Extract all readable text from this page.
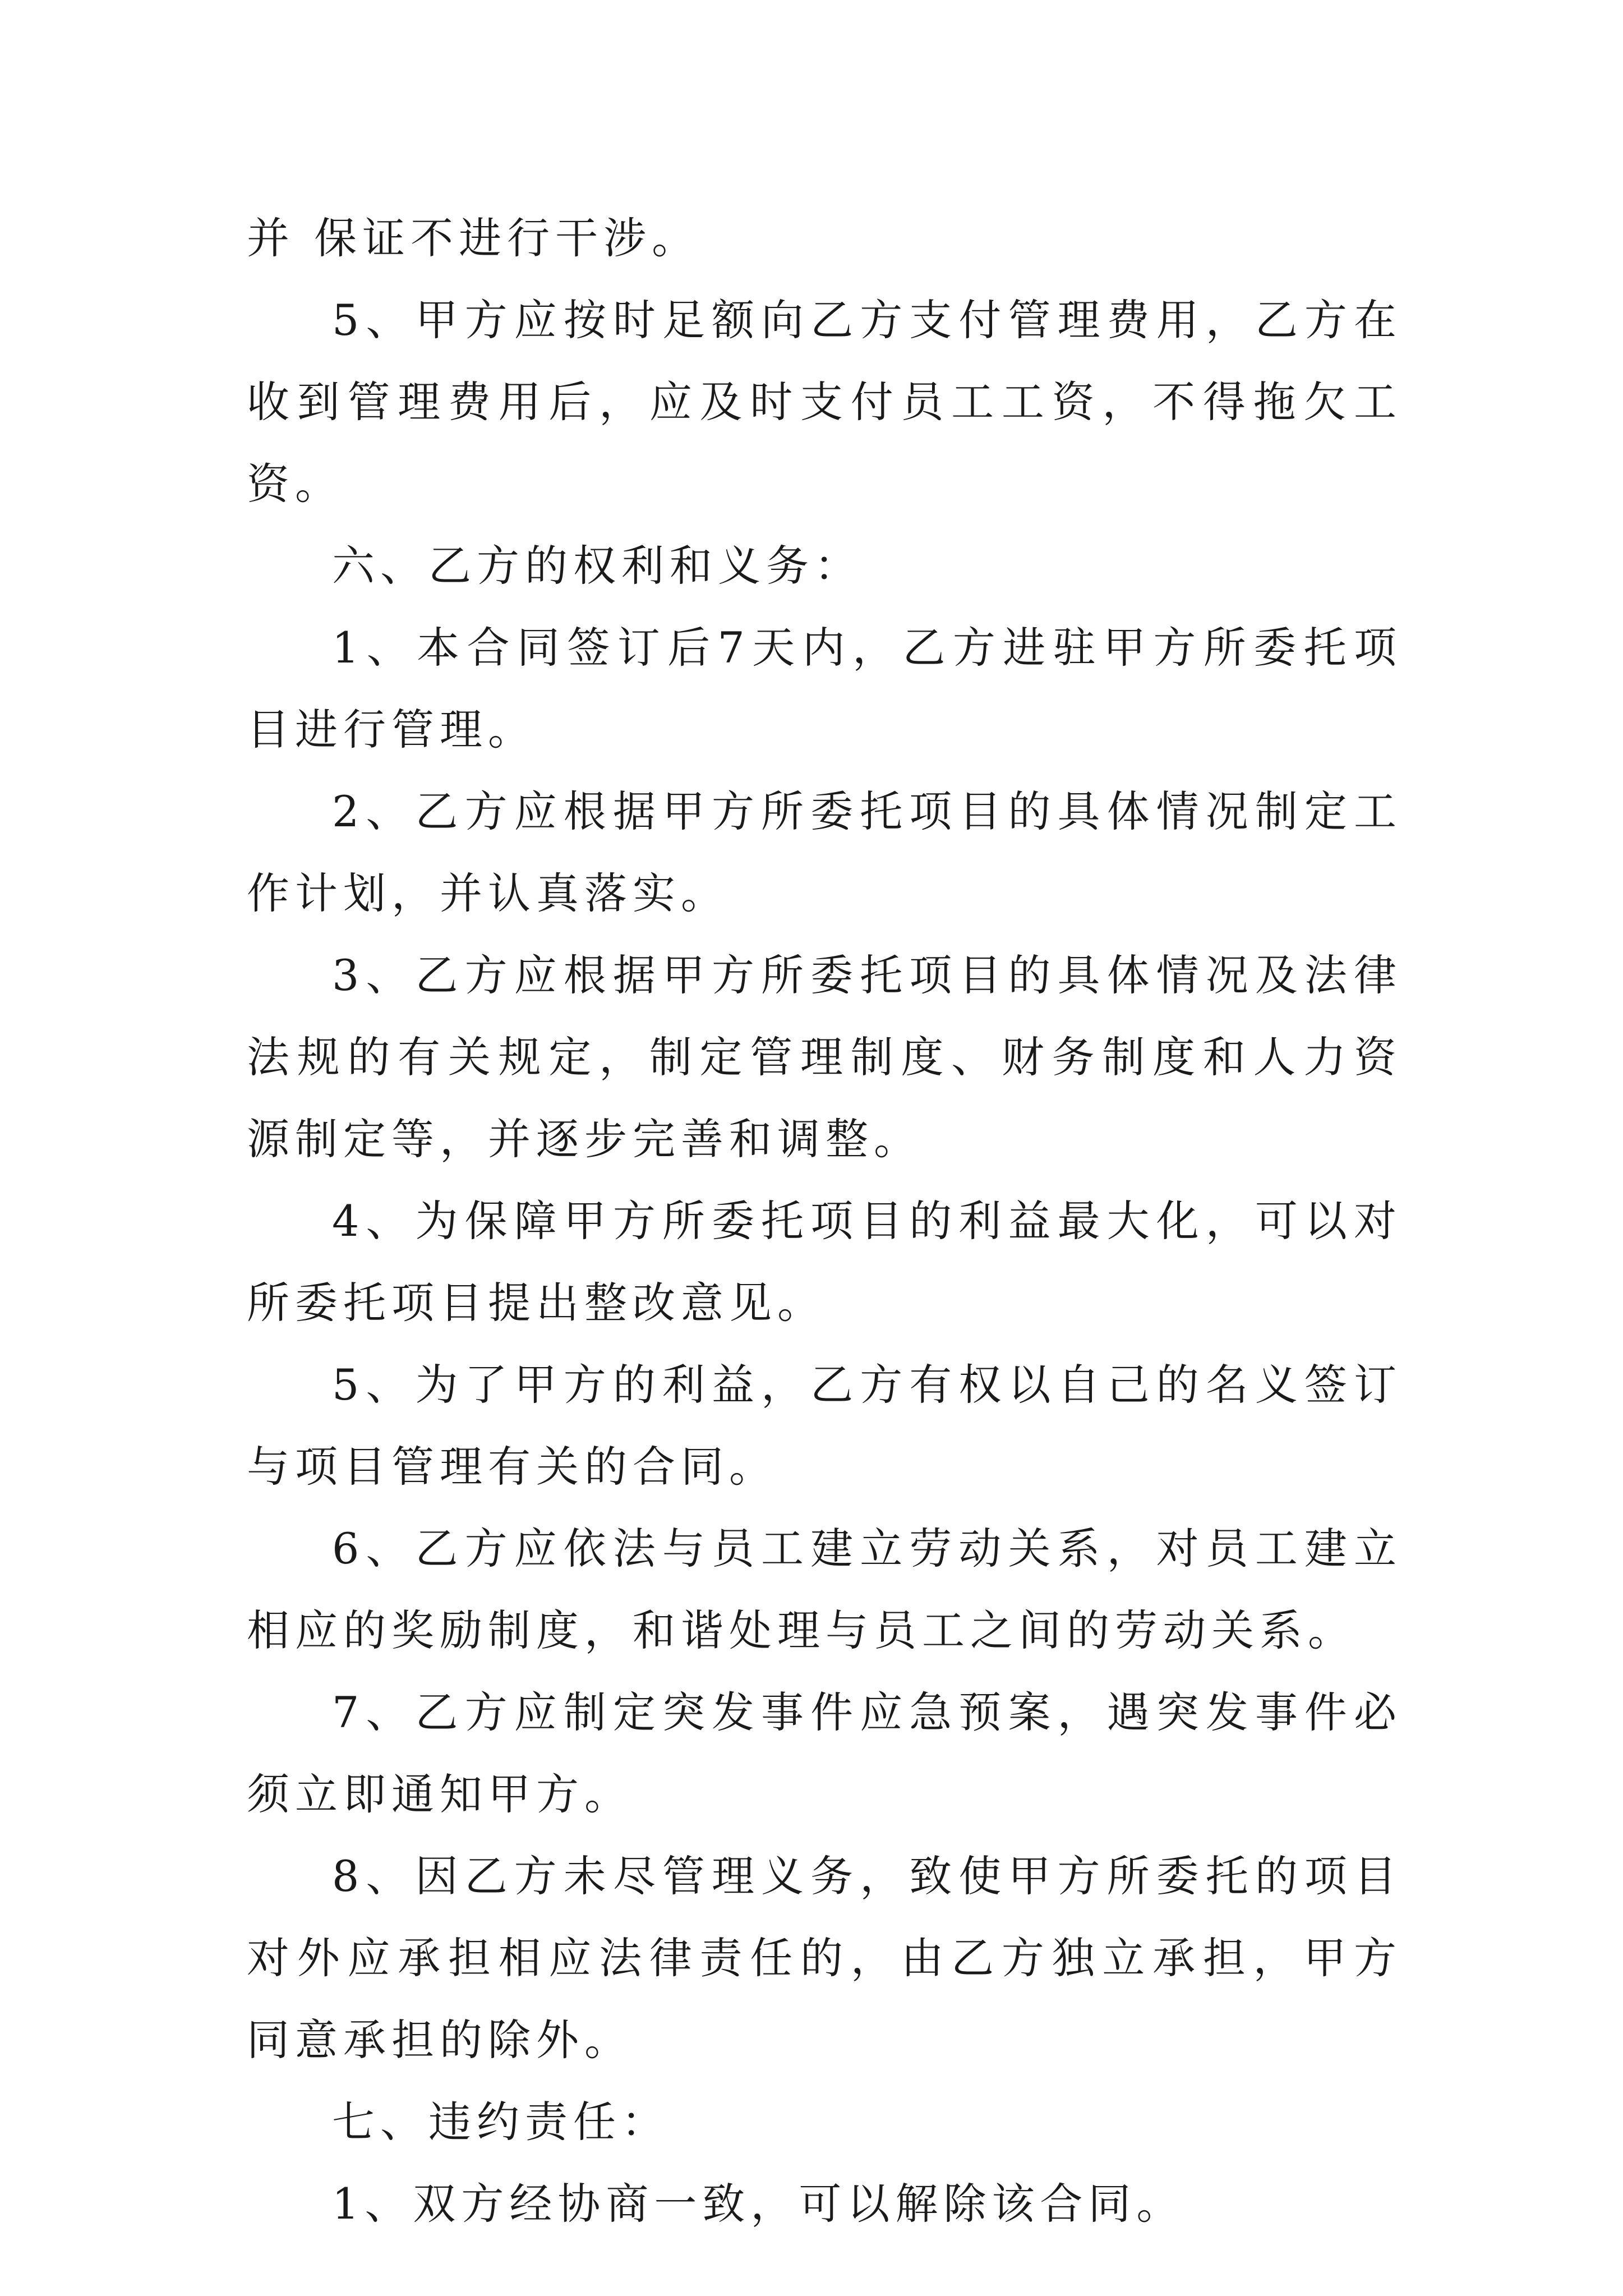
并 保证不进行干涉。

5、甲方应按时足额向乙方支付管理费用，乙方在收到管理费用后，应及时支付员工工资，不得拖欠工资。

六、乙方的权利和义务：

1、本合同签订后7天内，乙方进驻甲方所委托项目进行管理。

2、乙方应根据甲方所委托项目的具体情况制定工作计划，并认真落实。

3、乙方应根据甲方所委托项目的具体情况及法律法规的有关规定，制定管理制度、财务制度和人力资源制定等，并逐步完善和调整。

4、为保障甲方所委托项目的利益最大化，可以对所委托项目提出整改意见。

5、为了甲方的利益，乙方有权以自己的名义签订与项目管理有关的合同。

6、乙方应依法与员工建立劳动关系，对员工建立相应的奖励制度，和谐处理与员工之间的劳动关系。

7、乙方应制定突发事件应急预案，遇突发事件必须立即通知甲方。

8、因乙方未尽管理义务，致使甲方所委托的项目对外应承担相应法律责任的，由乙方独立承担，甲方同意承担的除外。

七、违约责任：

1、双方经协商一致，可以解除该合同。
